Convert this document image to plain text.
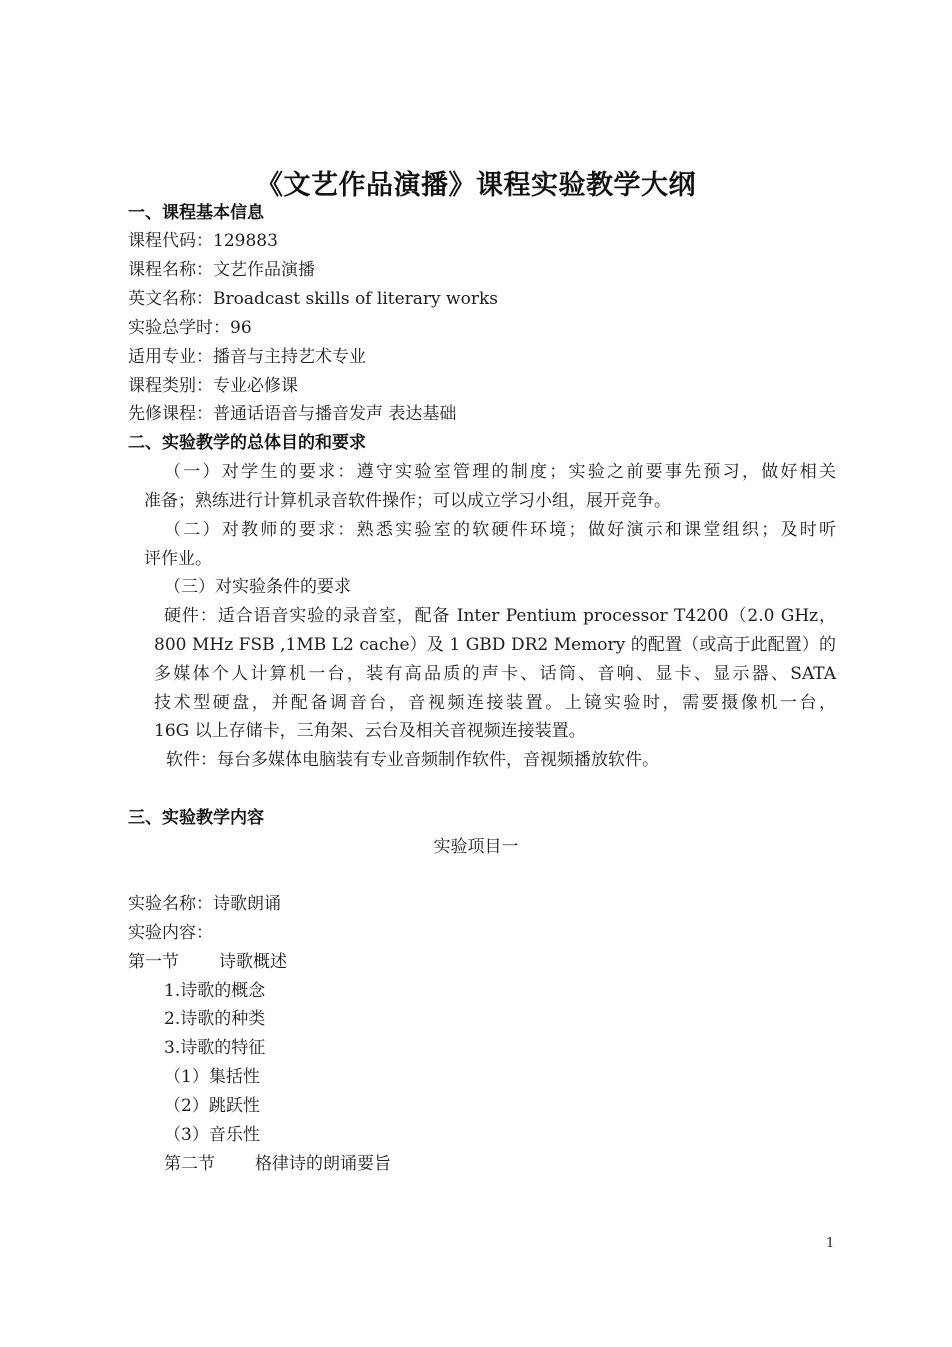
《文艺作品演播》课程实验教学大纲
一、课程基本信息
课程代码：129883
课程名称：文艺作品演播
英文名称：Broadcast skills of literary works
实验总学时：96
适用专业：播音与主持艺术专业
课程类别：专业必修课
先修课程：普通话语音与播音发声 表达基础
二、实验教学的总体目的和要求
（一）对学生的要求：遵守实验室管理的制度；实验之前要事先预习，做好相关
准备；熟练进行计算机录音软件操作；可以成立学习小组，展开竞争。
（二）对教师的要求：熟悉实验室的软硬件环境；做好演示和课堂组织；及时听
评作业。
（三）对实验条件的要求
硬件：适合语音实验的录音室，配备 Inter Pentium processor T4200（2.0 GHz，
800 MHz FSB ,1MB L2 cache）及 1 GBD DR2 Memory 的配置（或高于此配置）的
多媒体个人计算机一台，装有高品质的声卡、话筒、音响、显卡、显示器、SATA
技术型硬盘，并配备调音台，音视频连接装置。上镜实验时，需要摄像机一台，
16G 以上存储卡，三角架、云台及相关音视频连接装置。
软件：每台多媒体电脑装有专业音频制作软件，音视频播放软件。
三、实验教学内容
实验项目一
实验名称：诗歌朗诵
实验内容：
第一节 诗歌概述
1.诗歌的概念
2.诗歌的种类
3.诗歌的特征
（1）集括性
（2）跳跃性
（3）音乐性
第二节 格律诗的朗诵要旨
1
